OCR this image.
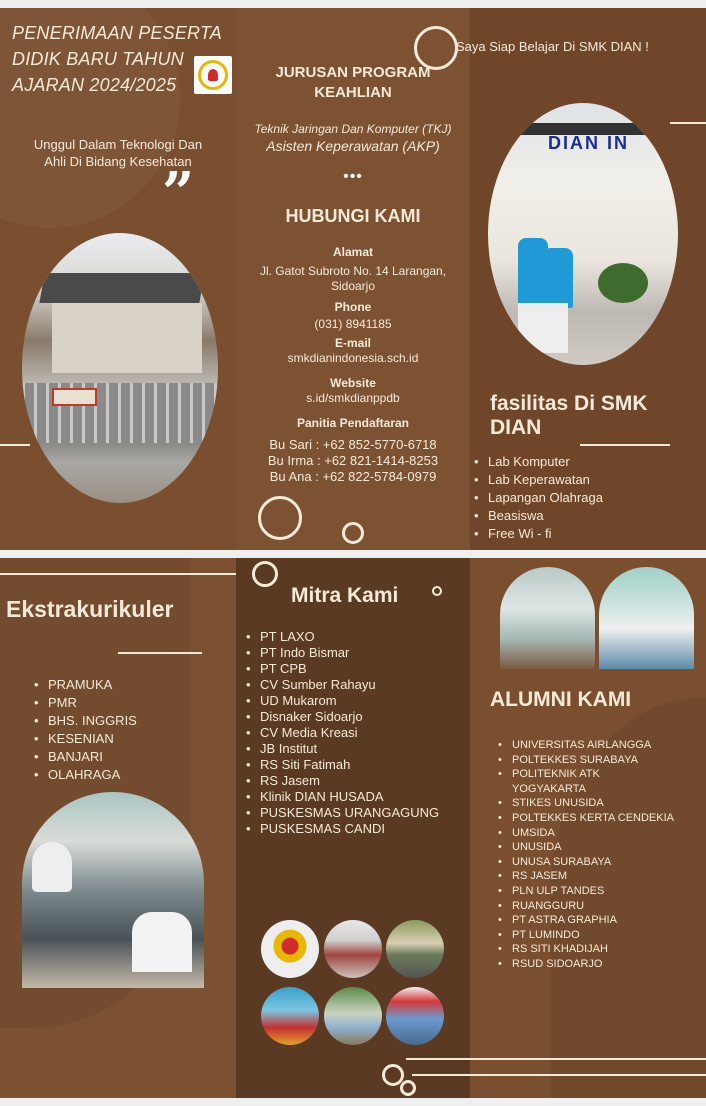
PENERIMAAN PESERTA
DIDIK BARU TAHUN
AJARAN 2024/2025
Unggul Dalam Teknologi Dan
Ahli Di Bidang Kesehatan
”
JURUSAN PROGRAM
KEAHLIAN
Teknik Jaringan Dan Komputer (TKJ)
Asisten Keperawatan (AKP)
•••
HUBUNGI KAMI
Alamat
Jl. Gatot Subroto No. 14 Larangan,
Sidoarjo
Phone
(031) 8941185
E-mail
smkdianindonesia.sch.id
Website
s.id/smkdianppdb
Panitia Pendaftaran
Bu Sari : +62 852-5770-6718
Bu Irma : +62 821-1414-8253
Bu Ana : +62 822-5784-0979
Saya Siap Belajar Di SMK DIAN !
DIAN IN
fasilitas Di SMK
DIAN
• Lab Komputer
• Lab Keperawatan
• Lapangan Olahraga
• Beasiswa
• Free Wi - fi
Ekstrakurikuler
• PRAMUKA
• PMR
• BHS. INGGRIS
• KESENIAN
• BANJARI
• OLAHRAGA
Mitra Kami
• PT LAXO
• PT Indo Bismar
• PT CPB
• CV Sumber Rahayu
• UD Mukarom
• Disnaker Sidoarjo
• CV Media Kreasi
• JB Institut
• RS Siti Fatimah
• RS Jasem
• Klinik DIAN HUSADA
• PUSKESMAS URANGAGUNG
• PUSKESMAS CANDI
ALUMNI KAMI
• UNIVERSITAS AIRLANGGA
• POLTEKKES SURABAYA
• POLITEKNIK ATK YOGYAKARTA
• STIKES UNUSIDA
• POLTEKKES KERTA CENDEKIA
• UMSIDA
• UNUSIDA
• UNUSA SURABAYA
• RS JASEM
• PLN ULP TANDES
• RUANGGURU
• PT ASTRA GRAPHIA
• PT LUMINDO
• RS SITI KHADIJAH
• RSUD SIDOARJO
